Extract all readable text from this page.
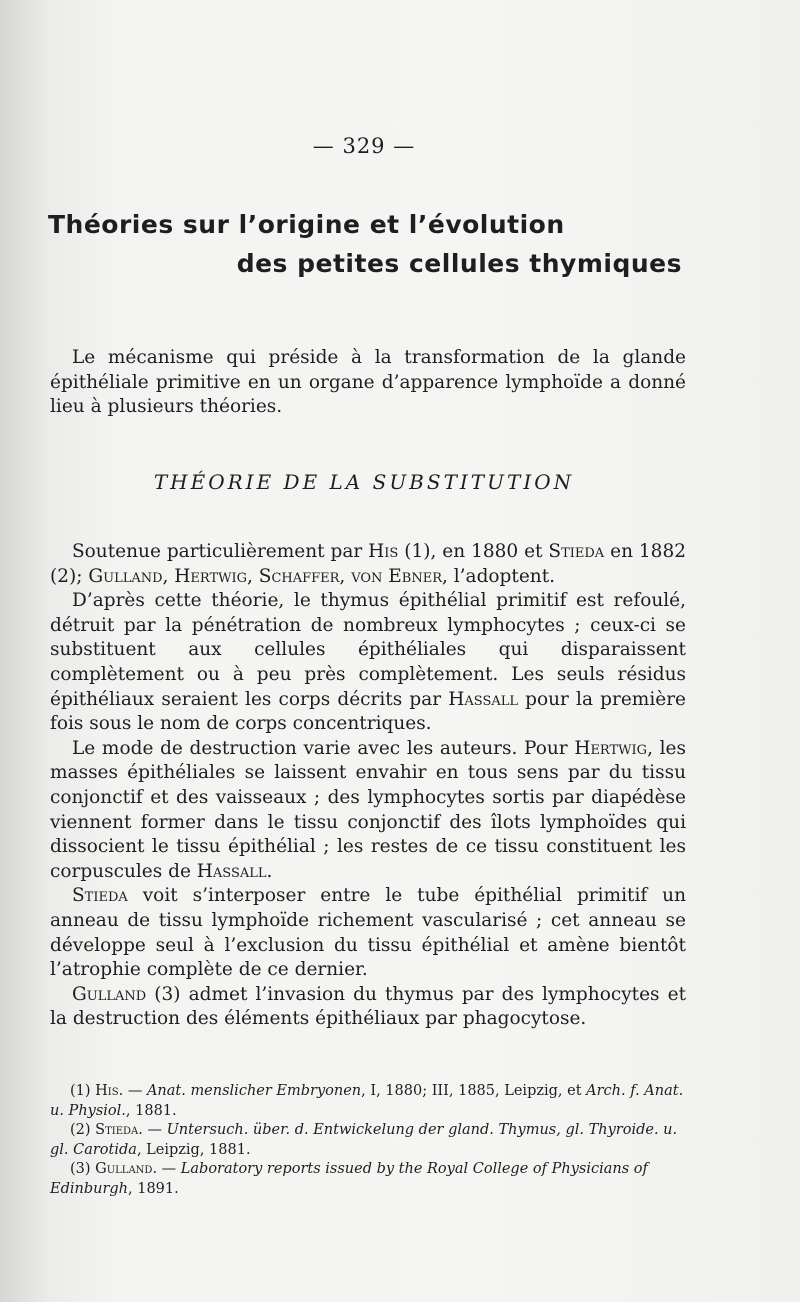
— 329 —
Théories sur l’origine et l’évolution
des petites cellules thymiques

Le mécanisme qui préside à la transformation de la glande épithéliale primitive en un organe d’apparence lymphoïde a donné lieu à plusieurs théories.

THÉORIE DE LA SUBSTITUTION

Soutenue particulièrement par His (1), en 1880 et Stieda en 1882 (2); Gulland, Hertwig, Schaffer, von Ebner, l’adoptent.

D’après cette théorie, le thymus épithélial primitif est refoulé, détruit par la pénétration de nombreux lymphocytes ; ceux-ci se substituent aux cellules épithéliales qui disparaissent complètement ou à peu près complètement. Les seuls résidus épithéliaux seraient les corps décrits par Hassall pour la première fois sous le nom de corps concentriques.

Le mode de destruction varie avec les auteurs. Pour Hertwig, les masses épithéliales se laissent envahir en tous sens par du tissu conjonctif et des vaisseaux ; des lymphocytes sortis par diapédèse viennent former dans le tissu conjonctif des îlots lymphoïdes qui dissocient le tissu épithélial ; les restes de ce tissu constituent les corpuscules de Hassall.

Stieda voit s’interposer entre le tube épithélial primitif un anneau de tissu lymphoïde richement vascularisé ; cet anneau se développe seul à l’exclusion du tissu épithélial et amène bientôt l’atrophie complète de ce dernier.

Gulland (3) admet l’invasion du thymus par des lymphocytes et la destruction des éléments épithéliaux par phagocytose.

(1) His. — Anat. menslicher Embryonen, I, 1880; III, 1885, Leipzig, et Arch. f. Anat. u. Physiol., 1881.

(2) Stieda. — Untersuch. über. d. Entwickelung der gland. Thymus, gl. Thyroide. u. gl. Carotida, Leipzig, 1881.

(3) Gulland. — Laboratory reports issued by the Royal College of Physicians of Edinburgh, 1891.
